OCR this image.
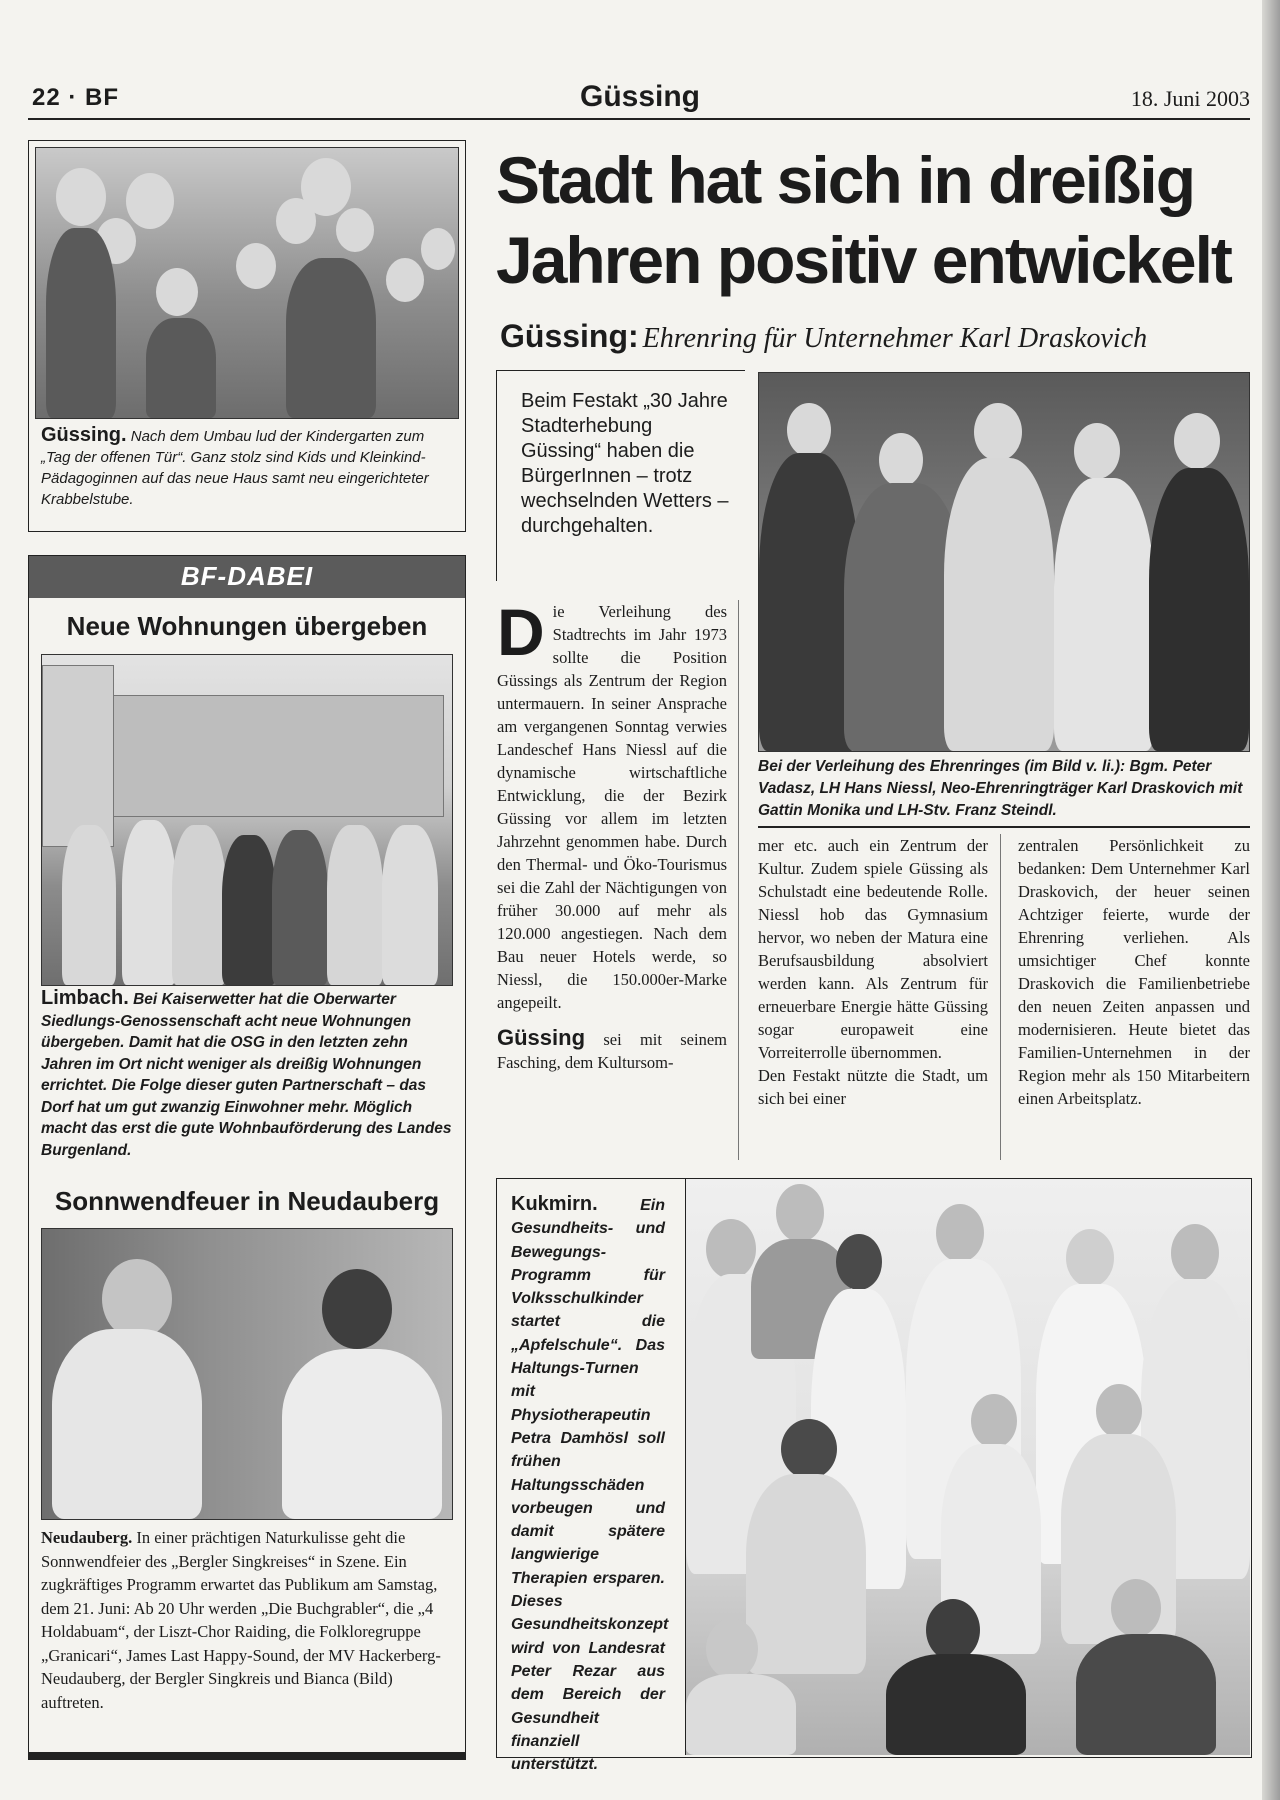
22 · BF	Güssing	18. Juni 2003
Güssing. Nach dem Umbau lud der Kindergarten zum „Tag der offenen Tür“. Ganz stolz sind Kids und Kleinkind-Pädagoginnen auf das neue Haus samt neu eingerichteter Krabbelstube.
BF-DABEI
Neue Wohnungen übergeben
Limbach. Bei Kaiserwetter hat die Oberwarter Siedlungs-Genossenschaft acht neue Wohnungen übergeben. Damit hat die OSG in den letzten zehn Jahren im Ort nicht weniger als dreißig Wohnungen errichtet. Die Folge dieser guten Partnerschaft – das Dorf hat um gut zwanzig Einwohner mehr. Möglich macht das erst die gute Wohnbauförderung des Landes Burgenland.
Sonnwendfeuer in Neudauberg
Neudauberg. In einer prächtigen Naturkulisse geht die Sonnwendfeier des „Bergler Singkreises“ in Szene. Ein zugkräftiges Programm erwartet das Publikum am Samstag, dem 21. Juni: Ab 20 Uhr werden „Die Buchgrabler“, die „4 Holdabuam“, der Liszt-Chor Raiding, die Folkloregruppe „Granicari“, James Last Happy-Sound, der MV Hackerberg-Neudauberg, der Bergler Singkreis und Bianca (Bild) auftreten.
Stadt hat sich in dreißig
Jahren positiv entwickelt
Güssing: Ehrenring für Unternehmer Karl Draskovich
Beim Festakt „30 Jahre Stadterhebung Güssing“ haben die BürgerInnen – trotz wechselnden Wetters – durchgehalten.
Bei der Verleihung des Ehrenringes (im Bild v. li.): Bgm. Peter Vadasz, LH Hans Niessl, Neo-Ehrenringträger Karl Draskovich mit Gattin Monika und LH-Stv. Franz Steindl.
D ie Verleihung des Stadtrechts im Jahr 1973 sollte die Position Güssings als Zentrum der Region untermauern. In seiner Ansprache am vergangenen Sonntag verwies Landeschef Hans Niessl auf die dynamische wirtschaftliche Entwicklung, die der Bezirk Güssing vor allem im letzten Jahrzehnt genommen habe. Durch den Thermal- und Öko-Tourismus sei die Zahl der Nächtigungen von früher 30.000 auf mehr als 120.000 angestiegen. Nach dem Bau neuer Hotels werde, so Niessl, die 150.000er-Marke angepeilt.
Güssing sei mit seinem Fasching, dem Kultursom-
mer etc. auch ein Zentrum der Kultur. Zudem spiele Güssing als Schulstadt eine bedeutende Rolle. Niessl hob das Gymnasium hervor, wo neben der Matura eine Berufsausbildung absolviert werden kann. Als Zentrum für erneuerbare Energie hätte Güssing sogar europaweit eine Vorreiterrolle übernommen.
Den Festakt nützte die Stadt, um sich bei einer
zentralen Persönlichkeit zu bedanken: Dem Unternehmer Karl Draskovich, der heuer seinen Achtziger feierte, wurde der Ehrenring verliehen. Als umsichtiger Chef konnte Draskovich die Familienbetriebe den neuen Zeiten anpassen und modernisieren. Heute bietet das Familien-Unternehmen in der Region mehr als 150 Mitarbeitern einen Arbeitsplatz.
Kukmirn.	Ein Gesundheits- und Bewegungs-Programm für Volksschulkinder startet die „Apfelschule“. Das Haltungs-Turnen mit Physiotherapeutin Petra Damhösl soll frühen Haltungsschäden vorbeugen und damit spätere langwierige Therapien ersparen. Dieses Gesundheitskonzept wird von Landesrat Peter Rezar aus dem Bereich der Gesundheit finanziell unterstützt.
